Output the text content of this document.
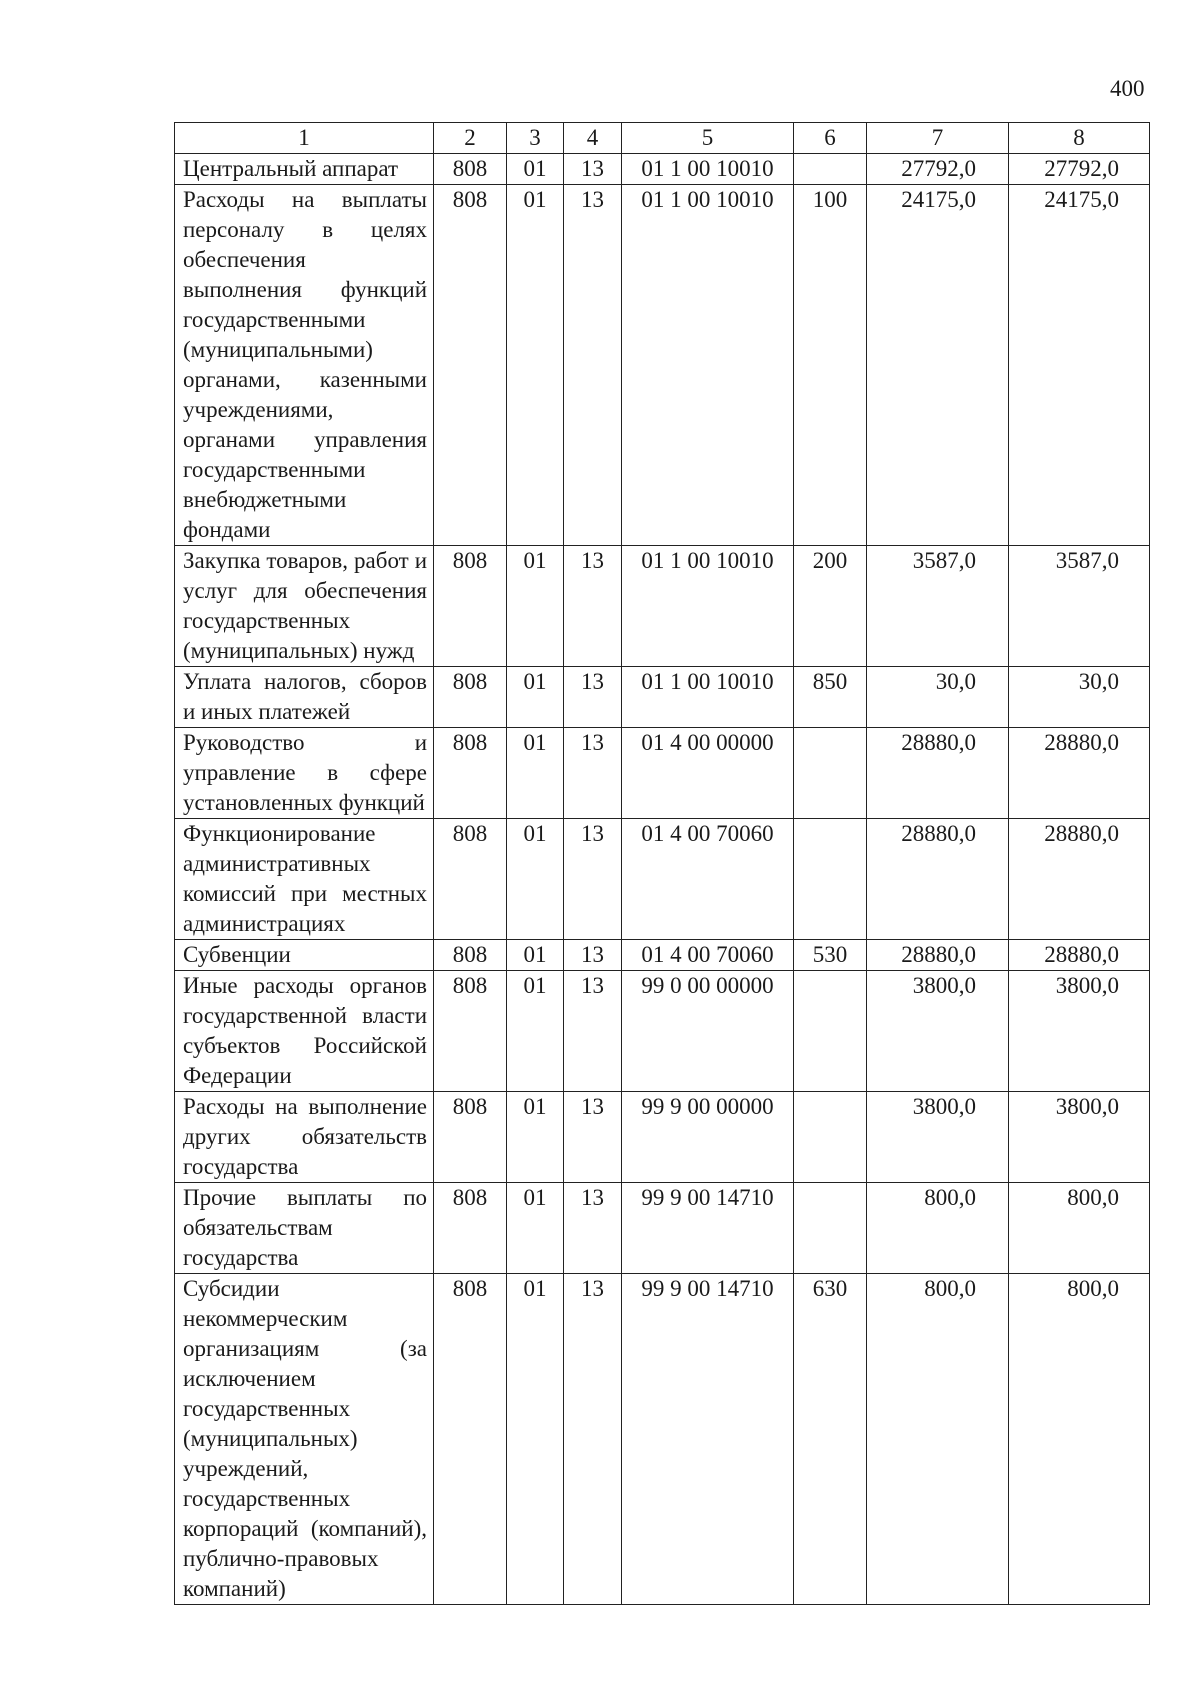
400
1	2	3	4	5	6	7	8
Центральный аппарат	808	01	13	01 1 00 10010		27792,0	27792,0
Расходы на выплаты персоналу в целях обеспечения выполнения функций государственными (муниципальными) органами, казенными учреждениями, органами управления государственными внебюджетными фондами	808	01	13	01 1 00 10010	100	24175,0	24175,0
Закупка товаров, работ и услуг для обеспечения государственных (муниципальных) нужд	808	01	13	01 1 00 10010	200	3587,0	3587,0
Уплата налогов, сборов и иных платежей	808	01	13	01 1 00 10010	850	30,0	30,0
Руководство и управление в сфере установленных функций	808	01	13	01 4 00 00000		28880,0	28880,0
Функционирование административных комиссий при местных администрациях	808	01	13	01 4 00 70060		28880,0	28880,0
Субвенции	808	01	13	01 4 00 70060	530	28880,0	28880,0
Иные расходы органов государственной власти субъектов Российской Федерации	808	01	13	99 0 00 00000		3800,0	3800,0
Расходы на выполнение других обязательств государства	808	01	13	99 9 00 00000		3800,0	3800,0
Прочие выплаты по обязательствам государства	808	01	13	99 9 00 14710		800,0	800,0
Субсидии некоммерческим организациям (за исключением государственных (муниципальных) учреждений, государственных корпораций (компаний), публично-правовых компаний)	808	01	13	99 9 00 14710	630	800,0	800,0
